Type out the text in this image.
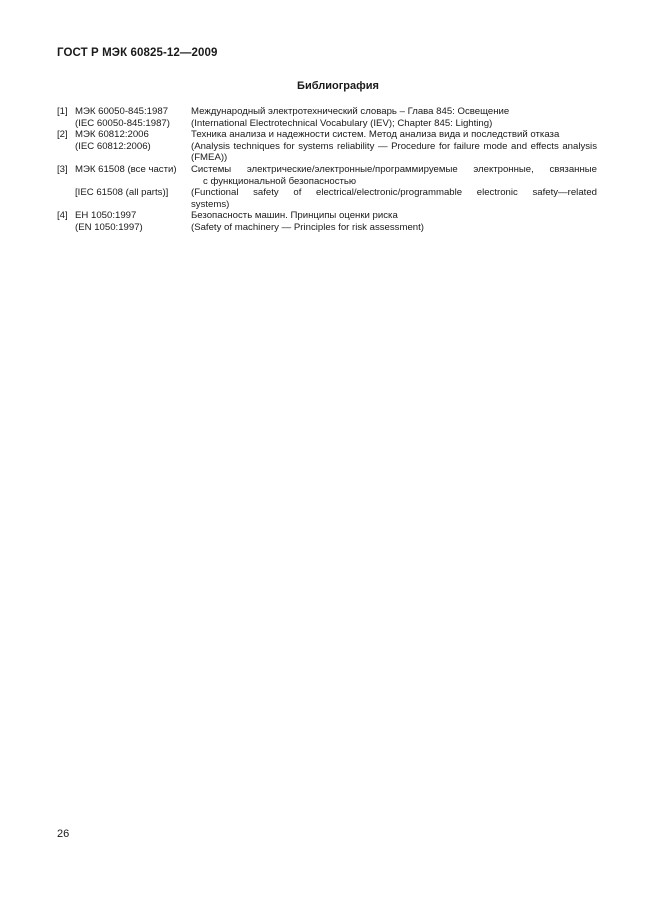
ГОСТ Р МЭК 60825-12—2009
Библиография
[1] МЭК 60050-845:1987	Международный электротехнический словарь – Глава 845: Освещение
(IEC 60050-845:1987)	(International Electrotechnical Vocabulary (IEV); Chapter 845: Lighting)
[2] МЭК 60812:2006	Техника анализа и надежности систем. Метод анализа вида и последствий отказа
(IEC 60812:2006)	(Analysis techniques for systems reliability — Procedure for failure mode and effects analysis
(FMEA))
[3] МЭК 61508 (все части)	Системы электрические/электронные/программируемые электронные, связанные
с функциональной безопасностью
[IEC 61508 (all parts)]	(Functional safety of electrical/electronic/programmable electronic safety—related
systems)
[4] ЕН 1050:1997	Безопасность машин. Принципы оценки риска
(EN 1050:1997)	(Safety of machinery — Principles for risk assessment)
26
